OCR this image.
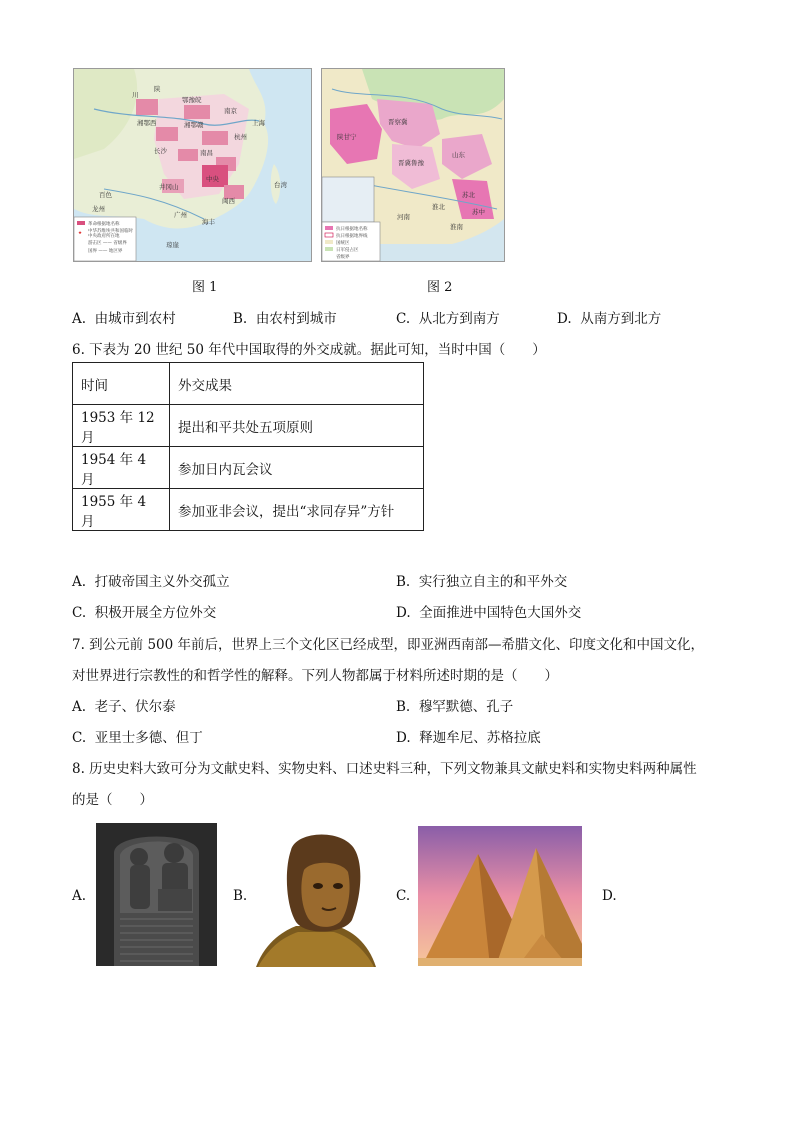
川
陕
鄂豫皖
湘鄂西	湘鄂赣
南京
上海
杭州
长沙	南昌
中央
闽西
井冈山
百色
龙州
广州
海丰
琼崖
台湾
革命根据地名称
★ 中华苏维埃共和国临时
中央政府所在地
游击区 —— 省级界
国界 —— 地区界
陕甘宁
晋察冀
晋冀鲁豫
山东
苏北
苏中
淮南
淮北
河南
抗日根据地名称
抗日根据地界线
国统区
日军侵占区
省级界
图 1	图 2
A. 由城市到农村	B. 由农村到城市	C. 从北方到南方	D. 从南方到北方
6. 下表为 20 世纪 50 年代中国取得的外交成就。据此可知，当时中国（　　）
时间	外交成果
1953 年 12 月	提出和平共处五项原则
1954 年 4 月	参加日内瓦会议
1955 年 4 月	参加亚非会议，提出“求同存异”方针
A. 打破帝国主义外交孤立	B. 实行独立自主的和平外交
C. 积极开展全方位外交	D. 全面推进中国特色大国外交
7. 到公元前 500 年前后，世界上三个文化区已经成型，即亚洲西南部—希腊文化、印度文化和中国文化，
对世界进行宗教性的和哲学性的解释。下列人物都属于材料所述时期的是（　　）
A. 老子、伏尔泰	B. 穆罕默德、孔子
C. 亚里士多德、但丁	D. 释迦牟尼、苏格拉底
8. 历史史料大致可分为文献史料、实物史料、口述史料三种，下列文物兼具文献史料和实物史料两种属性
的是（　　）
A.	B.	C.	D.
